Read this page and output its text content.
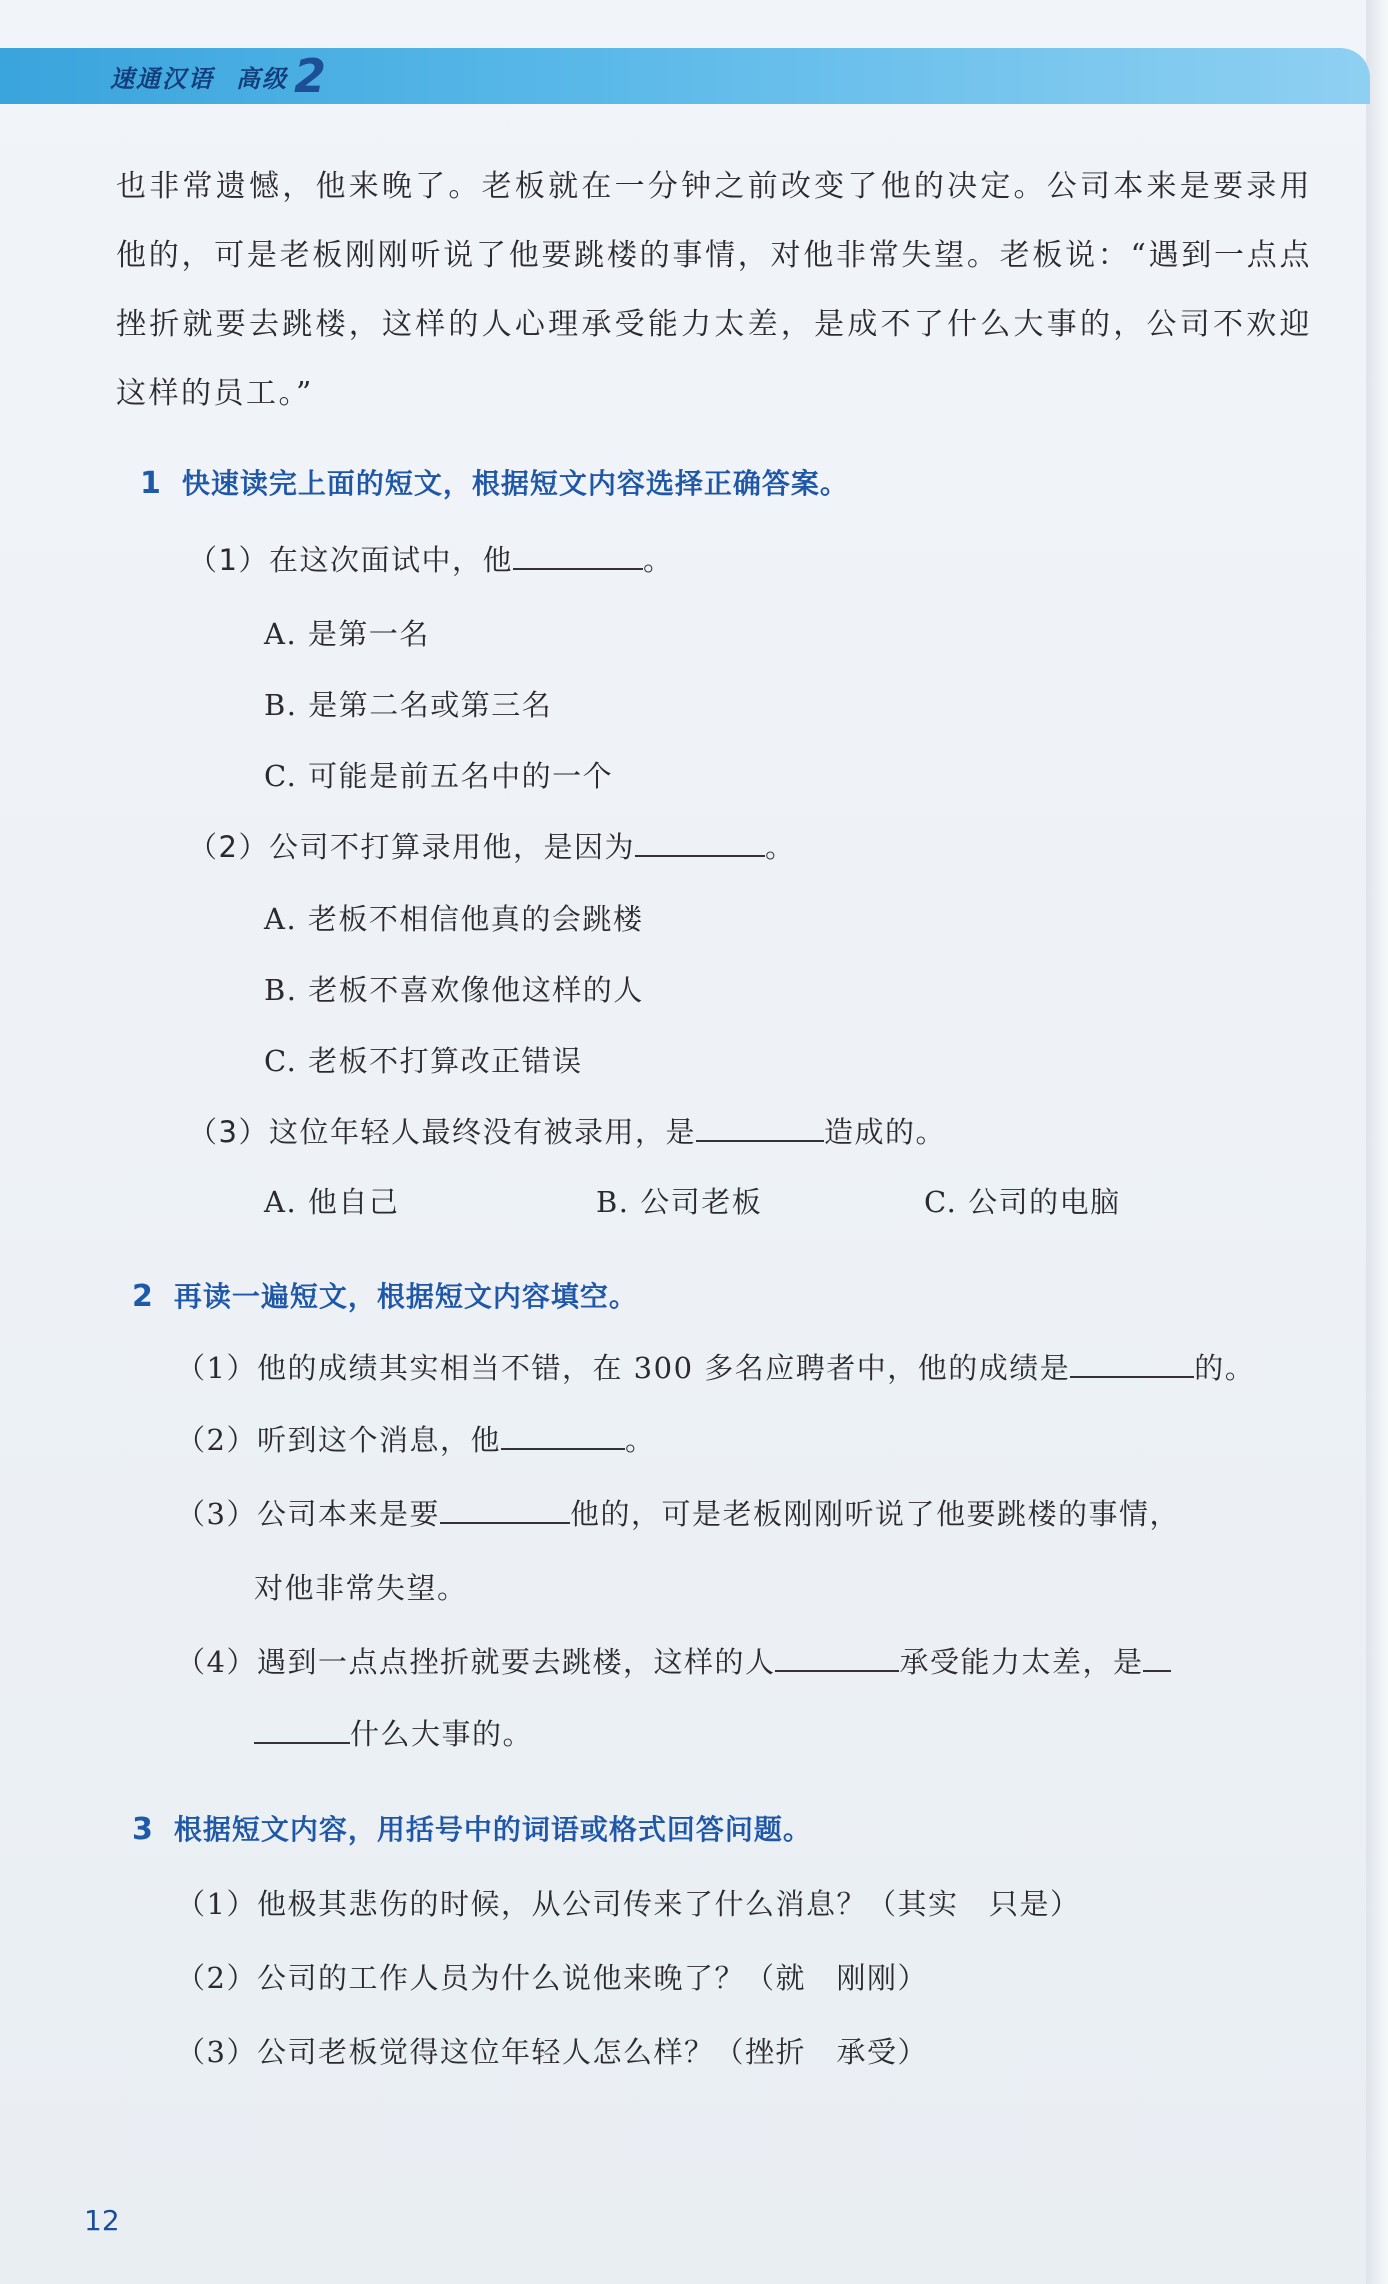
速通汉语 高级 2
也非常遗憾，他来晚了。老板就在一分钟之前改变了他的决定。公司本来是要录用他的，可是老板刚刚听说了他要跳楼的事情，对他非常失望。老板说：“遇到一点点挫折就要去跳楼，这样的人心理承受能力太差，是成不了什么大事的，公司不欢迎这样的员工。”
1 快速读完上面的短文，根据短文内容选择正确答案。
（1）在这次面试中，他	。
A. 是第一名
B. 是第二名或第三名
C. 可能是前五名中的一个
（2）公司不打算录用他，是因为	。
A. 老板不相信他真的会跳楼
B. 老板不喜欢像他这样的人
C. 老板不打算改正错误
（3）这位年轻人最终没有被录用，是	造成的。
A. 他自己	B. 公司老板	C. 公司的电脑
2 再读一遍短文，根据短文内容填空。
（1）他的成绩其实相当不错，在 300 多名应聘者中，他的成绩是	的。
（2）听到这个消息，他	。
（3）公司本来是要	他的，可是老板刚刚听说了他要跳楼的事情，
对他非常失望。
（4）遇到一点点挫折就要去跳楼，这样的人	承受能力太差，是
什么大事的。
3 根据短文内容，用括号中的词语或格式回答问题。
（1）他极其悲伤的时候，从公司传来了什么消息？（其实　只是）
（2）公司的工作人员为什么说他来晚了？（就　刚刚）
（3）公司老板觉得这位年轻人怎么样？（挫折　承受）
12
